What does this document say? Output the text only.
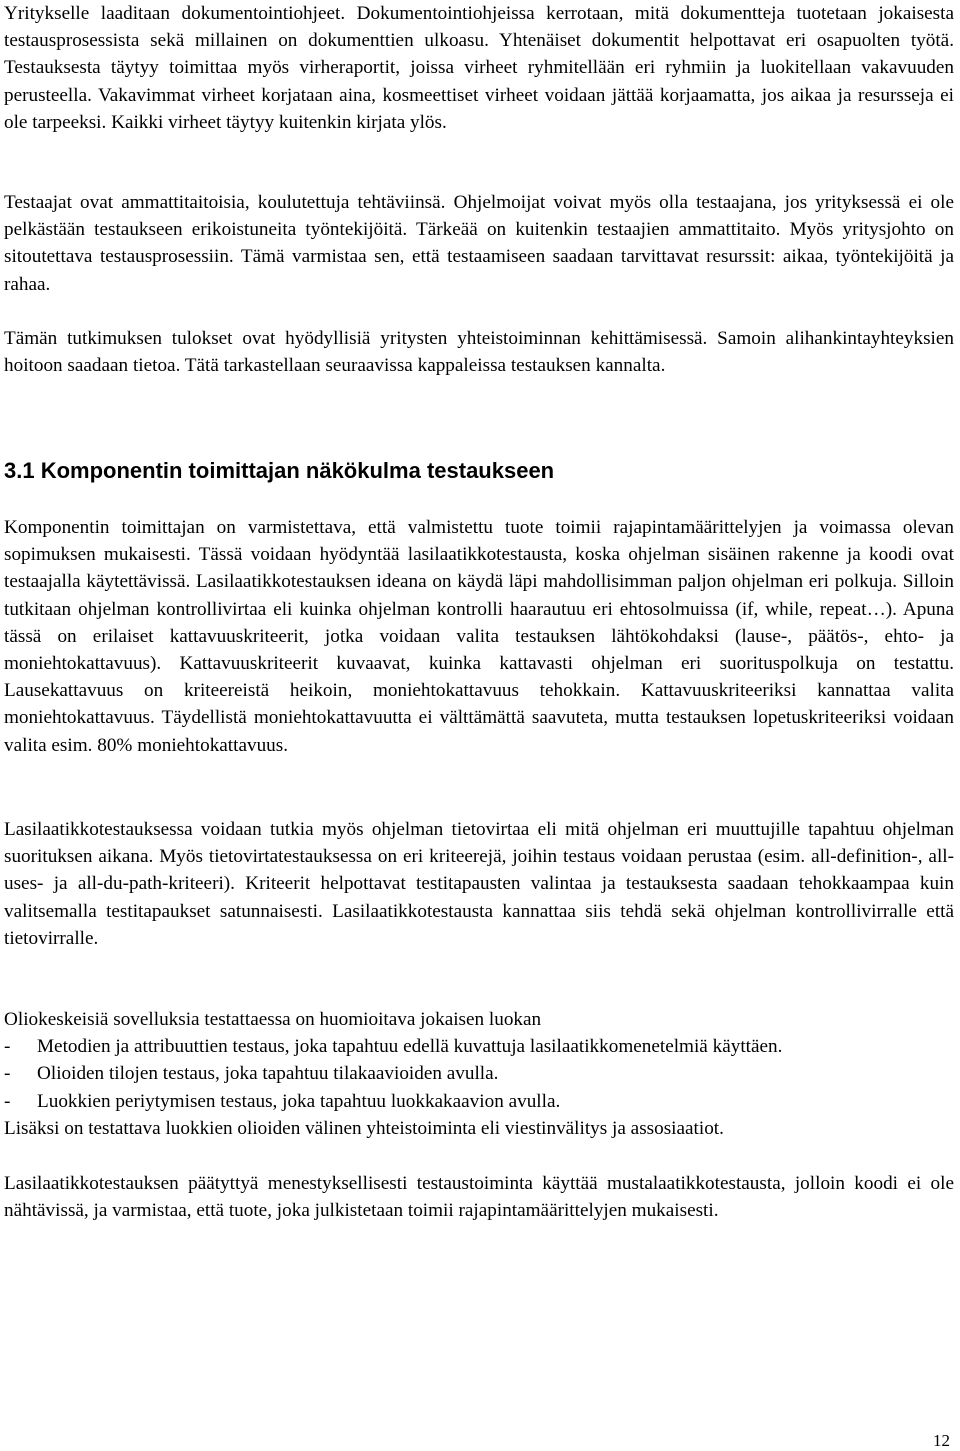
Yritykselle laaditaan dokumentointiohjeet. Dokumentointiohjeissa kerrotaan, mitä dokumentteja tuotetaan jokaisesta testausprosessista sekä millainen on dokumenttien ulkoasu. Yhtenäiset dokumentit helpottavat eri osapuolten työtä. Testauksesta täytyy toimittaa myös virheraportit, joissa virheet ryhmitellään eri ryhmiin ja luokitellaan vakavuuden perusteella. Vakavimmat virheet korjataan aina, kosmeettiset virheet voidaan jättää korjaamatta, jos aikaa ja resursseja ei ole tarpeeksi. Kaikki virheet täytyy kuitenkin kirjata ylös.

Testaajat ovat ammattitaitoisia, koulutettuja tehtäviinsä. Ohjelmoijat voivat myös olla testaajana, jos yrityksessä ei ole pelkästään testaukseen erikoistuneita työntekijöitä. Tärkeää on kuitenkin testaajien ammattitaito. Myös yritysjohto on sitoutettava testausprosessiin. Tämä varmistaa sen, että testaamiseen saadaan tarvittavat resurssit: aikaa, työntekijöitä ja rahaa.

Tämän tutkimuksen tulokset ovat hyödyllisiä yritysten yhteistoiminnan kehittämisessä. Samoin alihankintayhteyksien hoitoon saadaan tietoa. Tätä tarkastellaan seuraavissa kappaleissa testauksen kannalta.

3.1 Komponentin toimittajan näkökulma testaukseen

Komponentin toimittajan on varmistettava, että valmistettu tuote toimii rajapintamäärittelyjen ja voimassa olevan sopimuksen mukaisesti. Tässä voidaan hyödyntää lasilaatikkotestausta, koska ohjelman sisäinen rakenne ja koodi ovat testaajalla käytettävissä. Lasilaatikkotestauksen ideana on käydä läpi mahdollisimman paljon ohjelman eri polkuja. Silloin tutkitaan ohjelman kontrollivirtaa eli kuinka ohjelman kontrolli haarautuu eri ehtosolmuissa (if, while, repeat…). Apuna tässä on erilaiset kattavuuskriteerit, jotka voidaan valita testauksen lähtökohdaksi (lause-, päätös-, ehto- ja moniehtokattavuus). Kattavuuskriteerit kuvaavat, kuinka kattavasti ohjelman eri suorituspolkuja on testattu. Lausekattavuus on kriteereistä heikoin, moniehtokattavuus tehokkain. Kattavuuskriteeriksi kannattaa valita moniehtokattavuus. Täydellistä moniehtokattavuutta ei välttämättä saavuteta, mutta testauksen lopetuskriteeriksi voidaan valita esim. 80% moniehtokattavuus.

Lasilaatikkotestauksessa voidaan tutkia myös ohjelman tietovirtaa eli mitä ohjelman eri muuttujille tapahtuu ohjelman suorituksen aikana. Myös tietovirtatestauksessa on eri kriteerejä, joihin testaus voidaan perustaa (esim. all-definition-, all-uses- ja all-du-path-kriteeri). Kriteerit helpottavat testitapausten valintaa ja testauksesta saadaan tehokkaampaa kuin valitsemalla testitapaukset satunnaisesti. Lasilaatikkotestausta kannattaa siis tehdä sekä ohjelman kontrollivirralle että tietovirralle.

Oliokeskeisiä sovelluksia testattaessa on huomioitava jokaisen luokan

- Metodien ja attribuuttien testaus, joka tapahtuu edellä kuvattuja lasilaatikkomenetelmiä käyttäen.
- Olioiden tilojen testaus, joka tapahtuu tilakaavioiden avulla.
- Luokkien periytymisen testaus, joka tapahtuu luokkakaavion avulla.

Lisäksi on testattava luokkien olioiden välinen yhteistoiminta eli viestinvälitys ja assosiaatiot.

Lasilaatikkotestauksen päätyttyä menestyksellisesti testaustoiminta käyttää mustalaatikkotestausta, jolloin koodi ei ole nähtävissä, ja varmistaa, että tuote, joka julkistetaan toimii rajapintamäärittelyjen mukaisesti.

12
